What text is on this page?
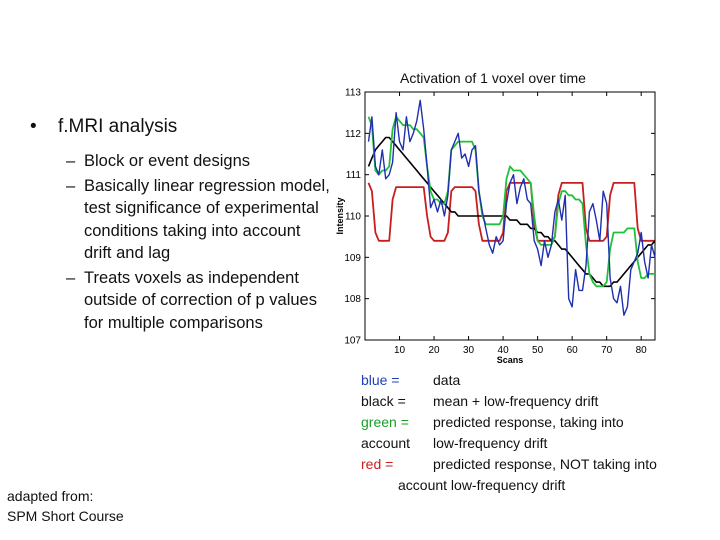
• f.MRI analysis
– Block or event designs
– Basically linear regression model, test significance of experimental conditions taking into account drift and lag
– Treats voxels as independent outside of correction of p values for multiple comparisons
adapted from:
SPM Short Course
Activation of 1 voxel over time
10 20 30 40 50 60 70 80
107
108
109
110
111
112
113
Scans
Intensity
blue = data
black = mean + low-frequency drift
green = predicted response, taking into
account low-frequency drift
red =	predicted response, NOT taking into
account low-frequency drift
